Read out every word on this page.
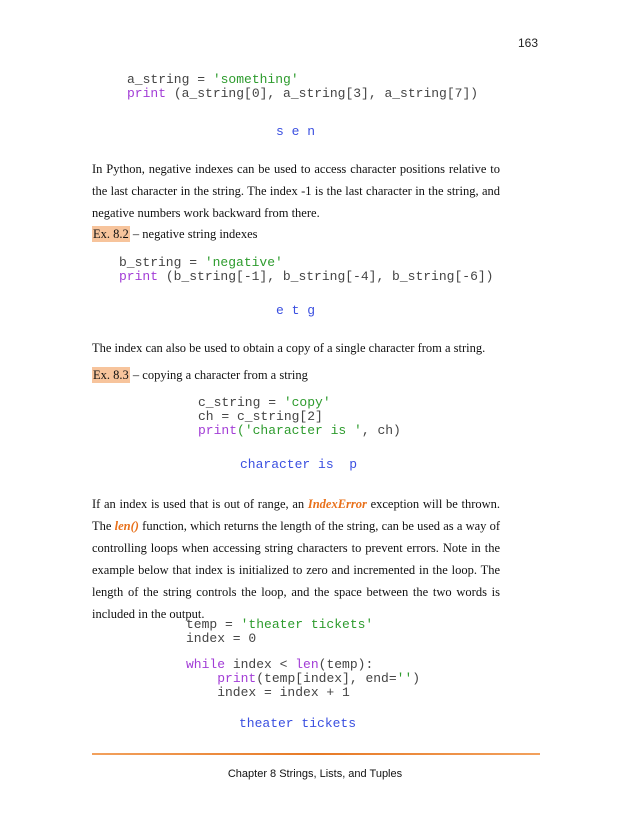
163
a_string = 'something'
print (a_string[0], a_string[3], a_string[7])
s e n

In Python, negative indexes can be used to access character positions relative to the last character in the string. The index -1 is the last character in the string, and negative numbers work backward from there.

Ex. 8.2 – negative string indexes
b_string = 'negative'
print (b_string[-1], b_string[-4], b_string[-6])
e t g

The index can also be used to obtain a copy of a single character from a string.

Ex. 8.3 – copying a character from a string
c_string = 'copy'
ch = c_string[2]
print('character is ', ch)
character is  p

If an index is used that is out of range, an IndexError exception will be thrown. The len() function, which returns the length of the string, can be used as a way of controlling loops when accessing string characters to prevent errors. Note in the example below that index is initialized to zero and incremented in the loop. The length of the string controls the loop, and the space between the two words is included in the output.

temp = 'theater tickets'
index = 0

while index < len(temp):
print(temp[index], end='')
index = index + 1
theater tickets
Chapter 8 Strings, Lists, and Tuples
